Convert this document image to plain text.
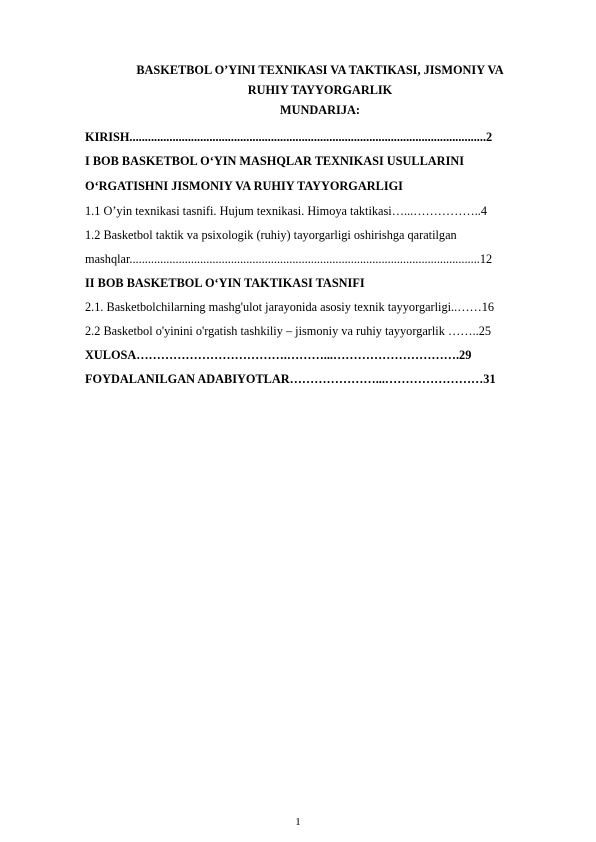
BASKETBOL O’YINI TEXNIKASI VA TAKTIKASI, JISMONIY VA
RUHIY TAYYORGARLIK
MUNDARIJA:
KIRISH....................................................................................................................2
I BOB BASKETBOL O‘YIN MASHQLAR TEXNIKASI USULLARINI
O‘RGATISHNI JISMONIY VA RUHIY TAYYORGARLIGI
1.1 O’yin texnikasi tasnifi. Hujum texnikasi. Himoya taktikasi…...……………..4
1.2 Basketbol taktik va psixologik (ruhiy) tayorgarligi oshirishga qaratilgan
mashqlar..................................................................................................................12
II BOB BASKETBOL O‘YIN TAKTIKASI TASNIFI
2.1. Basketbolchilarning mashg'ulot jarayonida asosiy texnik tayyorgarligi..……16
2.2 Basketbol o'yinini o'rgatish tashkiliy – jismoniy va ruhiy tayyorgarlik ……..25
XULOSA……………………………….………...………………………….29
FOYDALANILGAN ADABIYOTLAR…………………...……………………31
1
